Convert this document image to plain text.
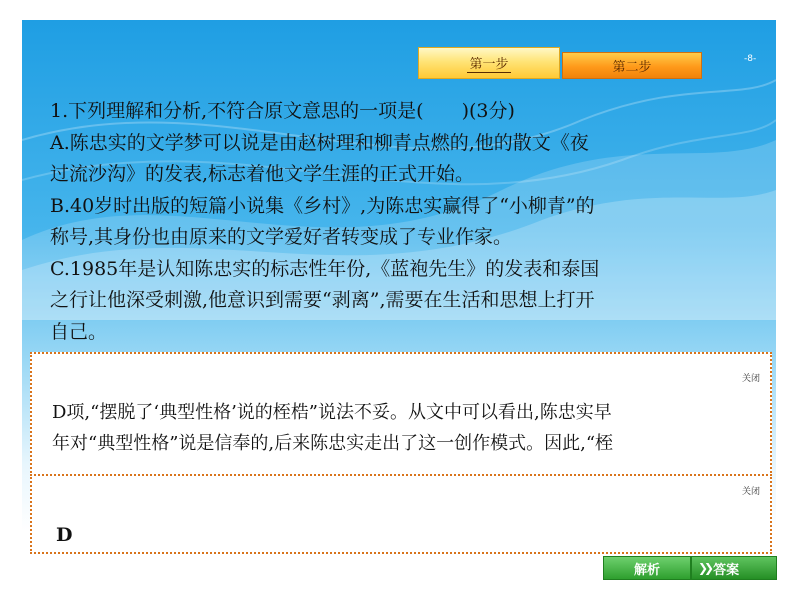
第一步	第二步
-8-

1.下列理解和分析,不符合原文意思的一项是(　　)(3分)

A.陈忠实的文学梦可以说是由赵树理和柳青点燃的,他的散文《夜

过流沙沟》的发表,标志着他文学生涯的正式开始。

B.40岁时出版的短篇小说集《乡村》,为陈忠实赢得了“小柳青”的

称号,其身份也由原来的文学爱好者转变成了专业作家。

C.1985年是认知陈忠实的标志性年份,《蓝袍先生》的发表和泰国

之行让他深受刺激,他意识到需要“剥离”,需要在生活和思想上打开

自己。

关闭
D项,“摆脱了‘典型性格’说的桎梏”说法不妥。从文中可以看出,陈忠实早
年对“典型性格”说是信奉的,后来陈忠实走出了这一创作模式。因此,“桎
关闭
D
解析	❯❯ 答案
